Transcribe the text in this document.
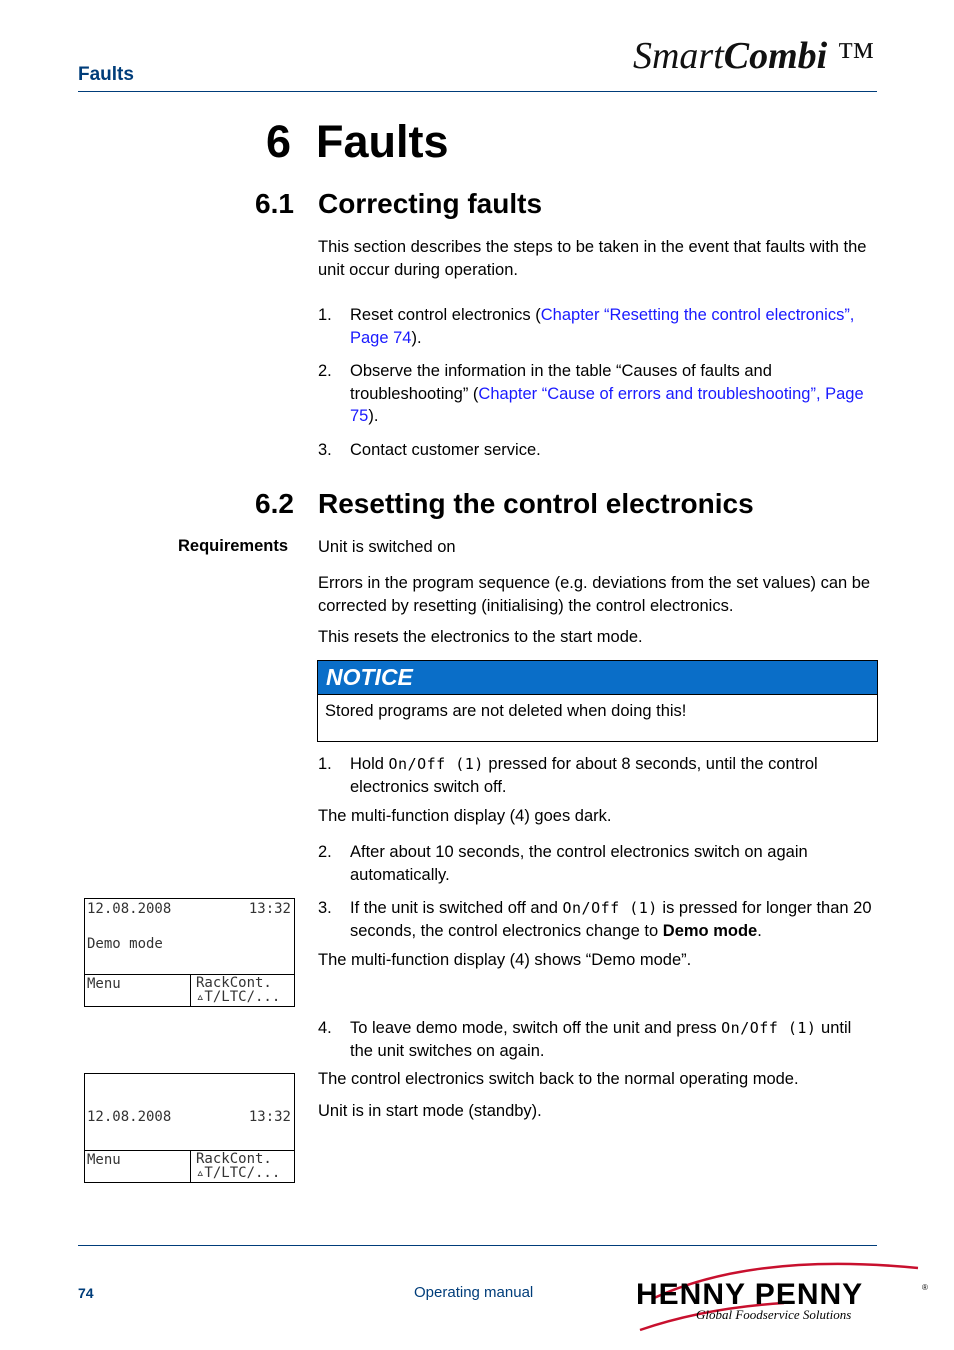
Faults	SmartCombi ™
6 Faults
6.1 Correcting faults
This section describes the steps to be taken in the event that faults with the unit occur during operation.
1. Reset control electronics (Chapter “Resetting the control electronics”, Page 74).
2. Observe the information in the table “Causes of faults and troubleshooting” (Chapter “Cause of errors and troubleshooting”, Page 75).
3. Contact customer service.
6.2 Resetting the control electronics
Requirements Unit is switched on
Errors in the program sequence (e.g. deviations from the set values) can be corrected by resetting (initialising) the control electronics.
This resets the electronics to the start mode.
NOTICE
Stored programs are not deleted when doing this!
1. Hold On/Off (1) pressed for about 8 seconds, until the control electronics switch off.
The multi-function display (4) goes dark.
2. After about 10 seconds, the control electronics switch on again automatically.
3. If the unit is switched off and On/Off (1) is pressed for longer than 20 seconds, the control electronics change to Demo mode.
The multi-function display (4) shows “Demo mode”.
4. To leave demo mode, switch off the unit and press On/Off (1) until the unit switches on again.
The control electronics switch back to the normal operating mode.
Unit is in start mode (standby).
12.08.2008	13:32
Demo mode
Menu	RackCont.
▵T/LTC/...
12.08.2008	13:32
Menu	RackCont.
▵T/LTC/...
74	Operating manual	HENNY PENNY	®
Global Foodservice Solutions
